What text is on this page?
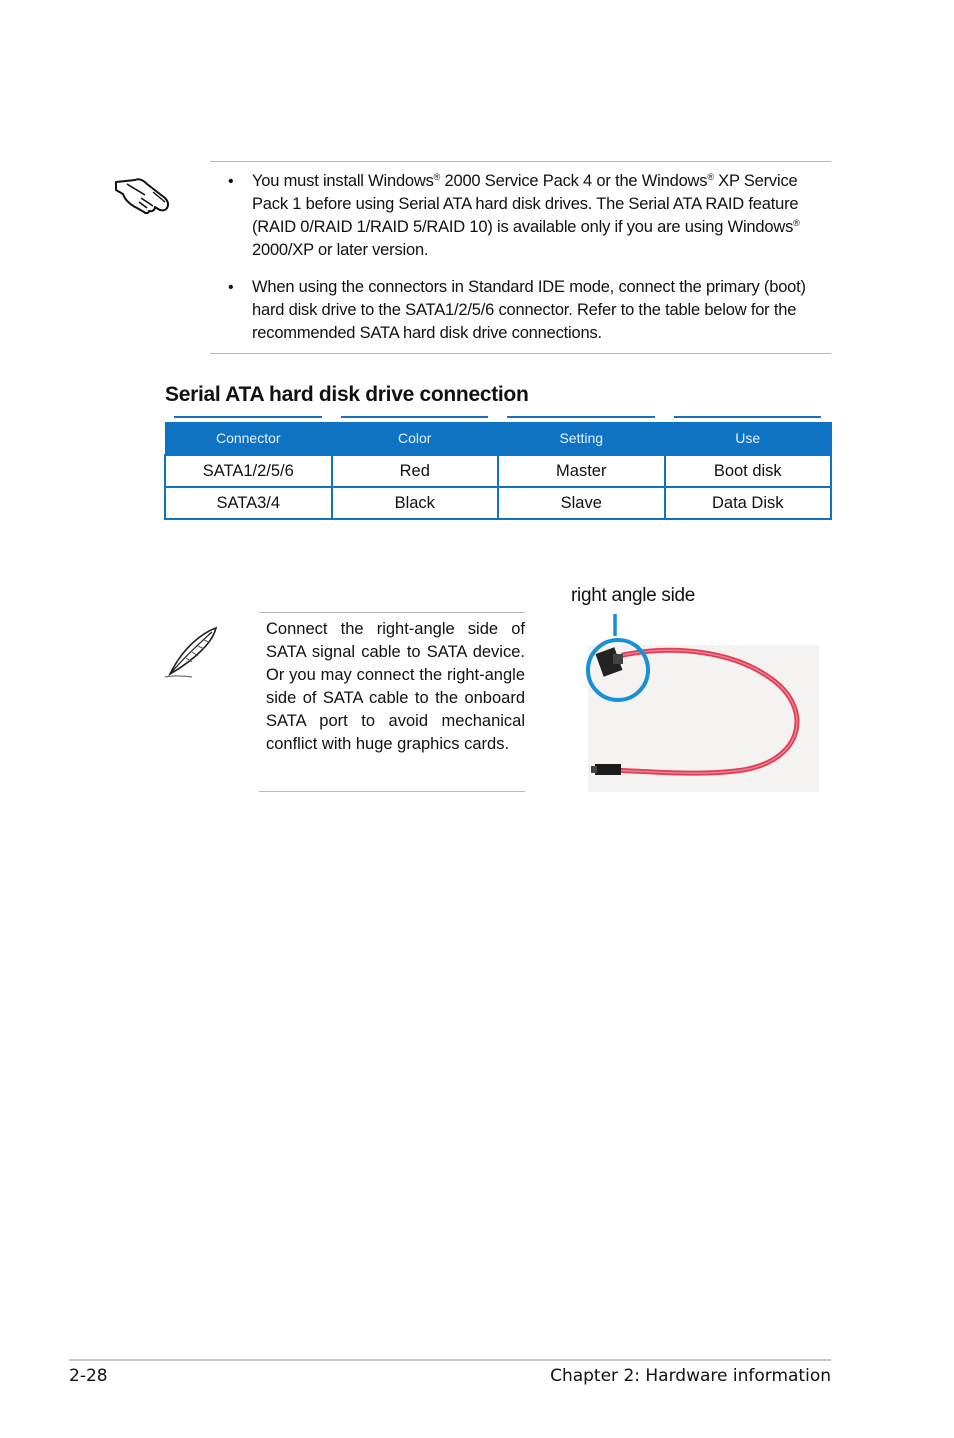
• You must install Windows® 2000 Service Pack 4 or the Windows® XP Service Pack 1 before using Serial ATA hard disk drives. The Serial ATA RAID feature (RAID 0/RAID 1/RAID 5/RAID 10) is available only if you are using Windows® 2000/XP or later version.
• When using the connectors in Standard IDE mode, connect the primary (boot) hard disk drive to the SATA1/2/5/6 connector. Refer to the table below for the recommended SATA hard disk drive connections.
Serial ATA hard disk drive connection
Connector	Color	Setting	Use
SATA1/2/5/6	Red	Master	Boot disk
SATA3/4	Black	Slave	Data Disk
Connect the right-angle side of SATA signal cable to SATA device. Or you may connect the right-angle side of SATA cable to the onboard SATA port to avoid mechanical conflict with huge graphics cards.
right angle side
2-28	Chapter 2: Hardware information
